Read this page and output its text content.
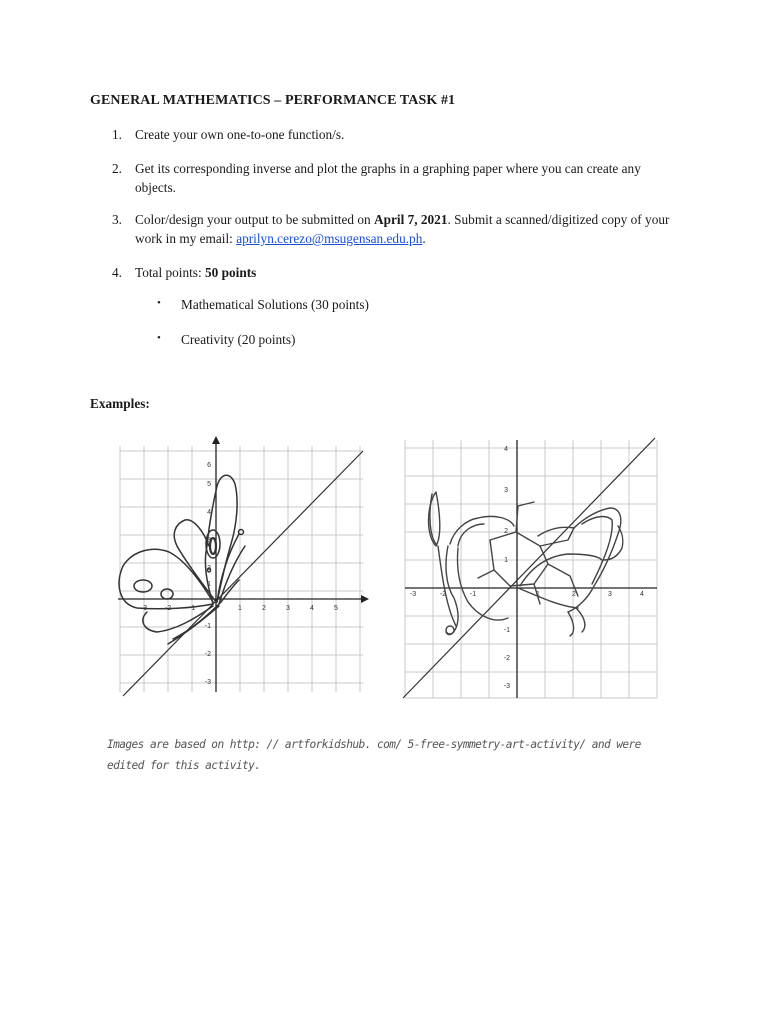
GENERAL MATHEMATICS – PERFORMANCE TASK #1
1. Create your own one-to-one function/s.
2. Get its corresponding inverse and plot the graphs in a graphing paper where you can create any objects.
3. Color/design your output to be submitted on April 7, 2021. Submit a scanned/digitized copy of your work in my email: aprilyn.cerezo@msugensan.edu.ph.
4. Total points: 50 points
• Mathematical Solutions (30 points)
• Creativity (20 points)
Examples:
-3	-2	-1	1	2	3	4	5
6
5
4
3
2
1
-1
-2
-3
-3	-2	-1	1	2	3	4
4
3
2
1
-1
-2
-3
Images are based on http: // artforkidshub. com/ 5-free-symmetry-art-activity/ and were edited for this activity.
